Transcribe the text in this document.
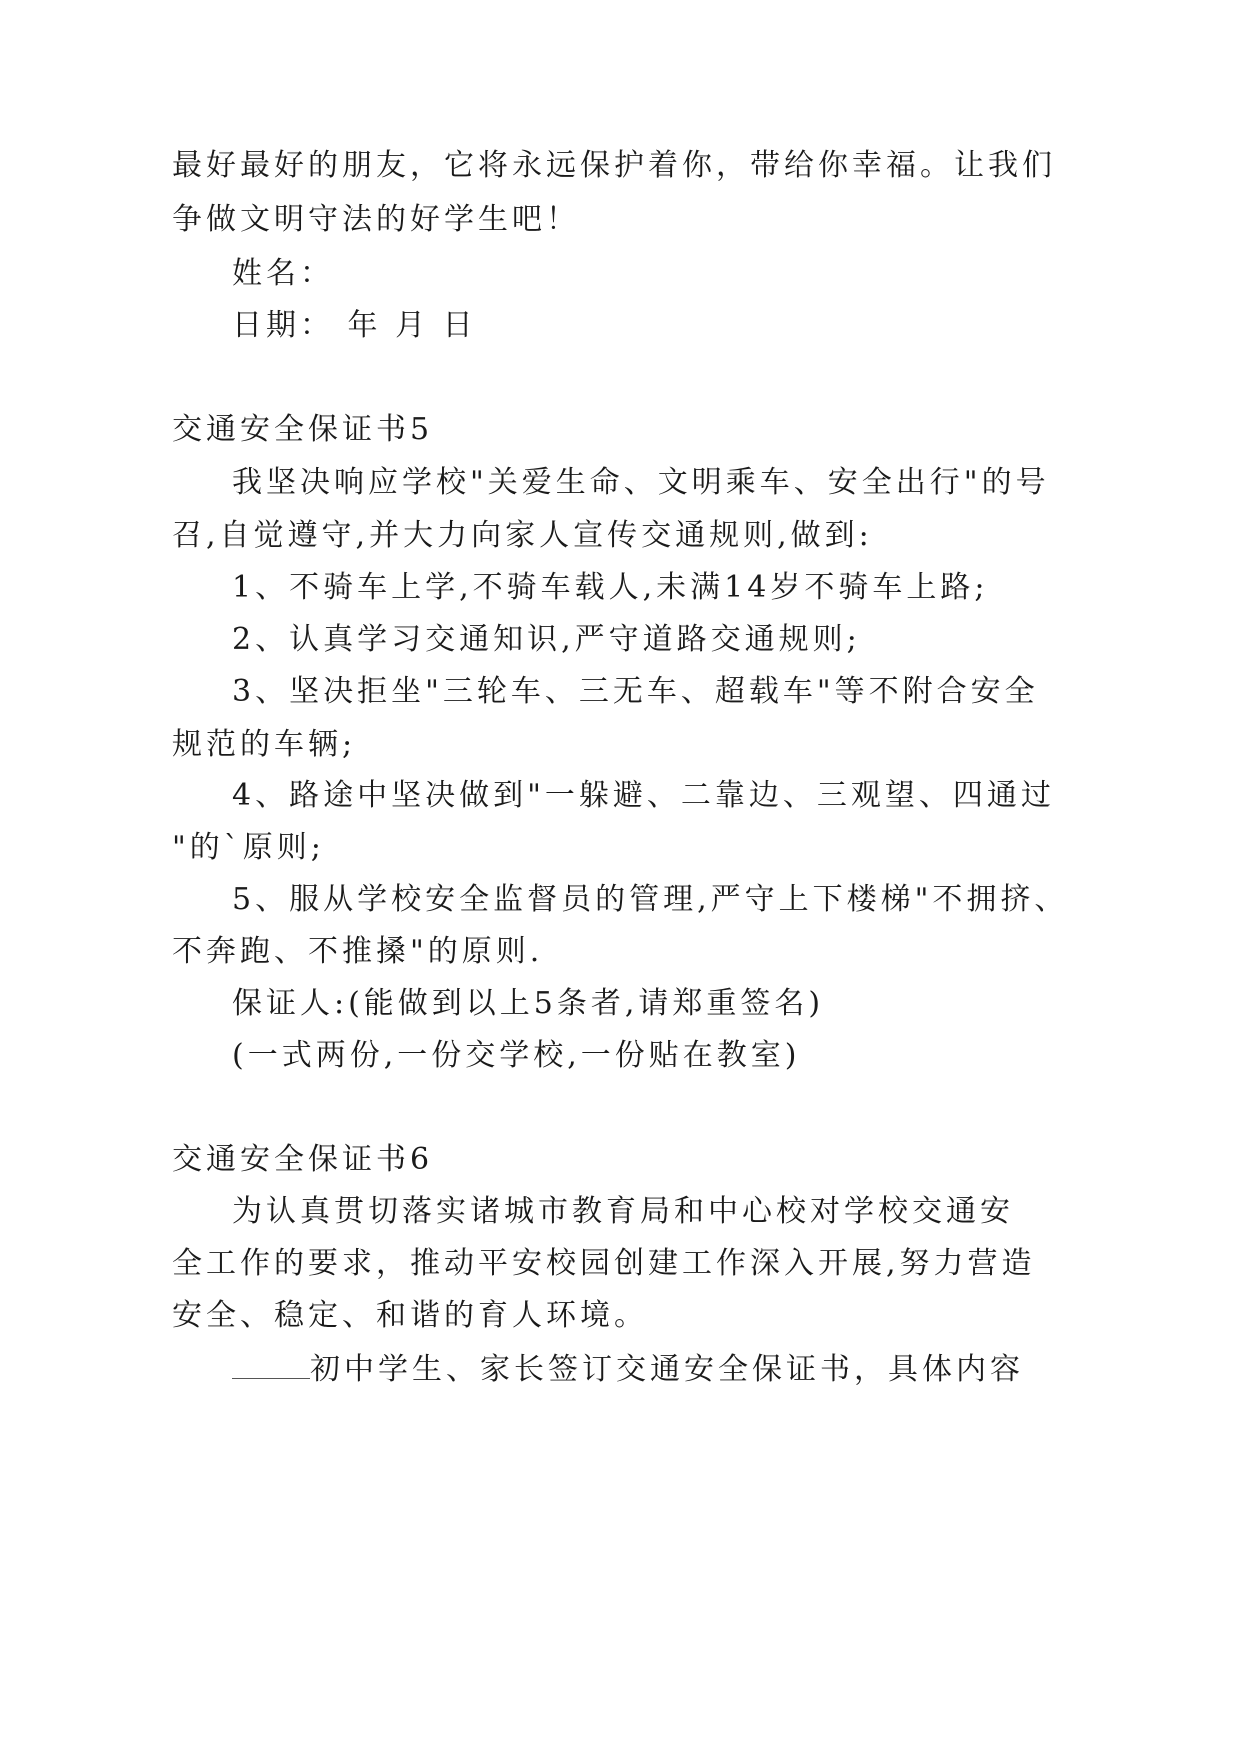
最好最好的朋友，它将永远保护着你，带给你幸福。让我们
争做文明守法的好学生吧！
姓名：
日期： 年 月 日
交通安全保证书5
我坚决响应学校"关爱生命、文明乘车、安全出行"的号
召,自觉遵守,并大力向家人宣传交通规则,做到:
1、不骑车上学,不骑车载人,未满14岁不骑车上路;
2、认真学习交通知识,严守道路交通规则;
3、坚决拒坐"三轮车、三无车、超载车"等不附合安全
规范的车辆;
4、路途中坚决做到"一躲避、二靠边、三观望、四通过
"的`原则;
5、服从学校安全监督员的管理,严守上下楼梯"不拥挤、
不奔跑、不推搡"的原则.
保证人:(能做到以上5条者,请郑重签名)
(一式两份,一份交学校,一份贴在教室)
交通安全保证书6
为认真贯切落实诸城市教育局和中心校对学校交通安
全工作的要求，推动平安校园创建工作深入开展,努力营造
安全、稳定、和谐的育人环境。
初中学生、家长签订交通安全保证书，具体内容
